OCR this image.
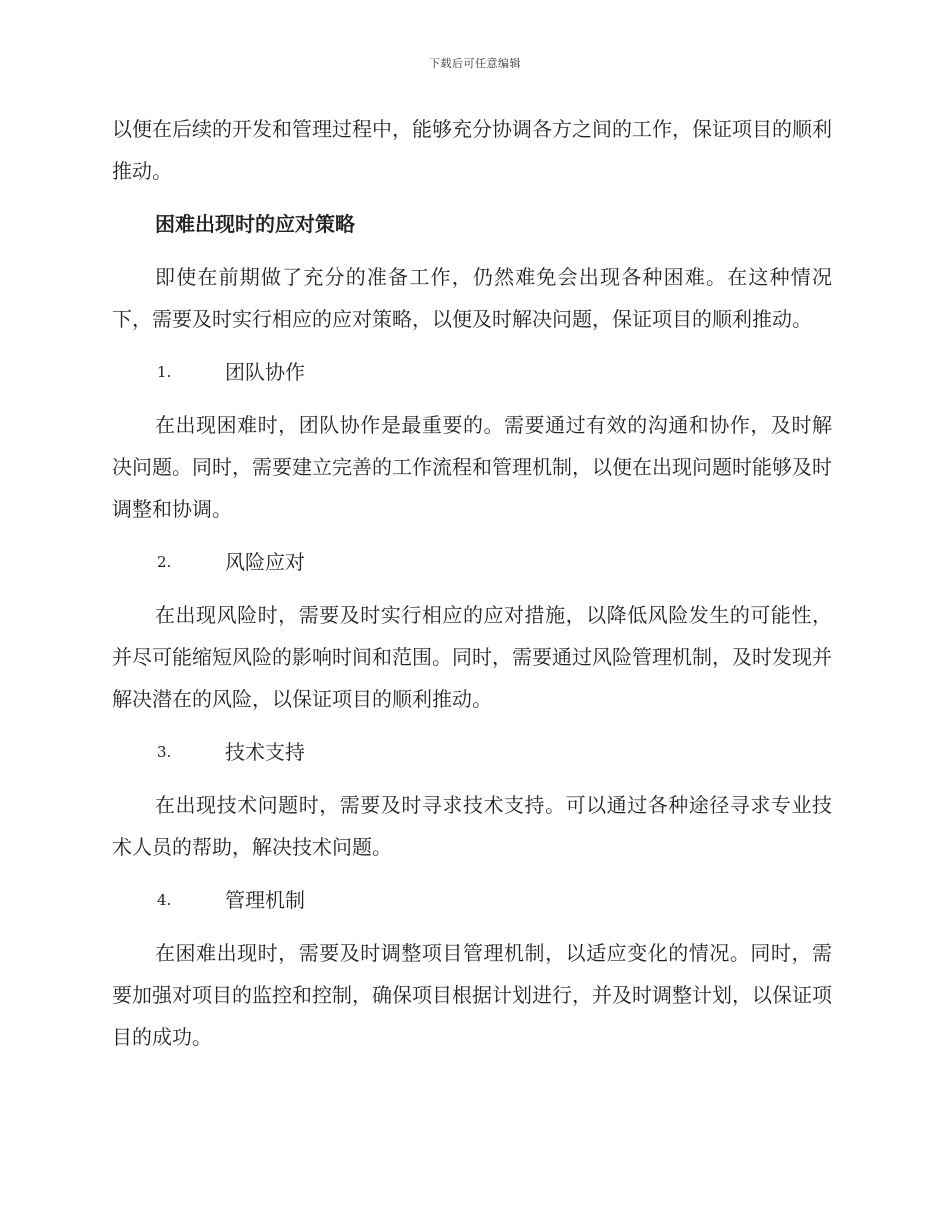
下载后可任意编辑

以便在后续的开发和管理过程中，能够充分协调各方之间的工作，保证项目的顺利推动。

困难出现时的应对策略

即使在前期做了充分的准备工作，仍然难免会出现各种困难。在这种情况下，需要及时实行相应的应对策略，以便及时解决问题，保证项目的顺利推动。

1.	团队协作

在出现困难时，团队协作是最重要的。需要通过有效的沟通和协作，及时解决问题。同时，需要建立完善的工作流程和管理机制，以便在出现问题时能够及时调整和协调。

2.	风险应对

在出现风险时，需要及时实行相应的应对措施，以降低风险发生的可能性，并尽可能缩短风险的影响时间和范围。同时，需要通过风险管理机制，及时发现并解决潜在的风险，以保证项目的顺利推动。

3.	技术支持

在出现技术问题时，需要及时寻求技术支持。可以通过各种途径寻求专业技术人员的帮助，解决技术问题。

4.	管理机制

在困难出现时，需要及时调整项目管理机制，以适应变化的情况。同时，需要加强对项目的监控和控制，确保项目根据计划进行，并及时调整计划，以保证项目的成功。
